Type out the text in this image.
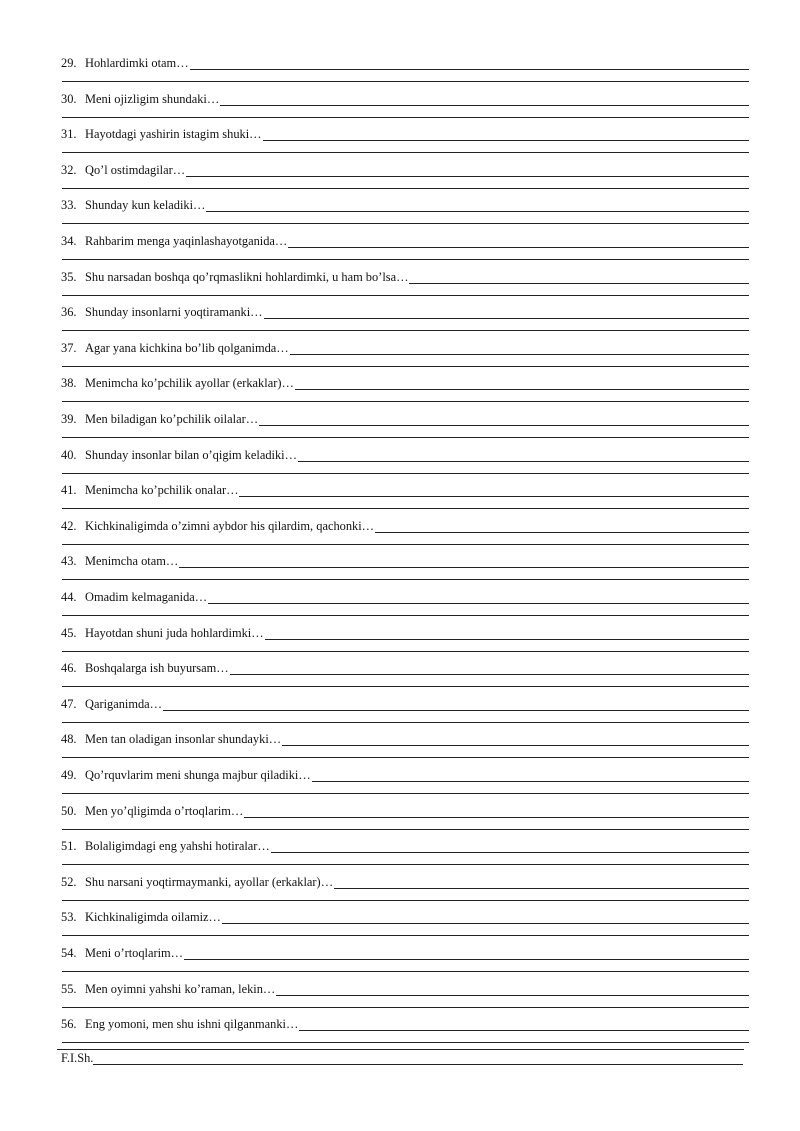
29. Hohlardimki otam…
30. Meni ojizligim shundaki…
31. Hayotdagi yashirin istagim shuki…
32. Qo’l ostimdagilar…
33. Shunday kun keladiki…
34. Rahbarim menga yaqinlashayotganida…
35. Shu narsadan boshqa qo’rqmaslikni hohlardimki, u ham bo’lsa…
36. Shunday insonlarni yoqtiramanki…
37. Agar yana kichkina bo’lib qolganimda…
38. Menimcha ko’pchilik ayollar (erkaklar)…
39. Men biladigan ko’pchilik oilalar…
40. Shunday insonlar bilan o’qigim keladiki…
41. Menimcha ko’pchilik onalar…
42. Kichkinaligimda o’zimni aybdor his qilardim, qachonki…
43. Menimcha otam…
44. Omadim kelmaganida…
45. Hayotdan shuni juda hohlardimki…
46. Boshqalarga ish buyursam…
47. Qariganimda…
48. Men tan oladigan insonlar shundayki…
49. Qo’rquvlarim meni shunga majbur qiladiki…
50. Men yo’qligimda o’rtoqlarim…
51. Bolaligimdagi eng yahshi hotiralar…
52. Shu narsani yoqtirmaymanki, ayollar (erkaklar)…
53. Kichkinaligimda oilamiz…
54. Meni o’rtoqlarim…
55. Men oyimni yahshi ko’raman, lekin…
56. Eng yomoni, men shu ishni qilganmanki…
F.I.Sh.
